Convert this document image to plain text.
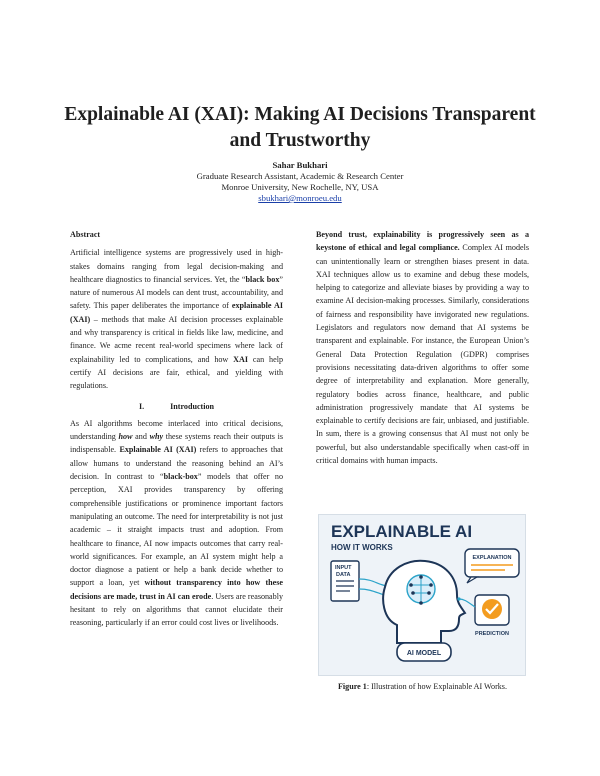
Explainable AI (XAI): Making AI Decisions Transparent and Trustworthy
Sahar Bukhari
Graduate Research Assistant, Academic & Research Center
Monroe University, New Rochelle, NY, USA
sbukhari@monroeu.edu

Abstract

Artificial intelligence systems are progressively used in high-stakes domains ranging from legal decision-making and healthcare diagnostics to financial services. Yet, the “black box” nature of numerous AI models can dent trust, accountability, and safety. This paper deliberates the importance of explainable AI (XAI) – methods that make AI decision processes explainable and why transparency is critical in fields like law, medicine, and finance. We acme recent real-world specimens where lack of explainability led to complications, and how XAI can help certify AI decisions are fair, ethical, and yielding with regulations.

I.	Introduction

As AI algorithms become interlaced into critical decisions, understanding how and why these systems reach their outputs is indispensable. Explainable AI (XAI) refers to approaches that allow humans to understand the reasoning behind an AI’s decision. In contrast to “black-box” models that offer no perception, XAI provides transparency by offering comprehensible justifications or prominence important factors manipulating an outcome. The need for interpretability is not just academic – it straight impacts trust and adoption. From healthcare to finance, AI now impacts outcomes that carry real-world significances. For example, an AI system might help a doctor diagnose a patient or help a bank decide whether to support a loan, yet without transparency into how these decisions are made, trust in AI can erode. Users are reasonably hesitant to rely on algorithms that cannot elucidate their reasoning, particularly if an error could cost lives or livelihoods.

Beyond trust, explainability is progressively seen as a keystone of ethical and legal compliance. Complex AI models can unintentionally learn or strengthen biases present in data. XAI techniques allow us to examine and debug these models, helping to categorize and alleviate biases by providing a way to examine AI decision-making processes. Similarly, considerations of fairness and responsibility have invigorated new regulations. Legislators and regulators now demand that AI systems be transparent and explainable. For instance, the European Union’s General Data Protection Regulation (GDPR) comprises provisions necessitating data-driven algorithms to offer some degree of interpretability and explanation. More generally, regulatory bodies across finance, healthcare, and public administration progressively mandate that AI systems be explainable to certify decisions are fair, unbiased, and justifiable. In sum, there is a growing consensus that AI must not only be powerful, but also understandable specifically when cast-off in critical domains with human impacts.

EXPLAINABLE AI
HOW IT WORKS
INPUT
DATA
AI MODEL
EXPLANATION
PREDICTION
Figure 1: Illustration of how Explainable AI Works.
